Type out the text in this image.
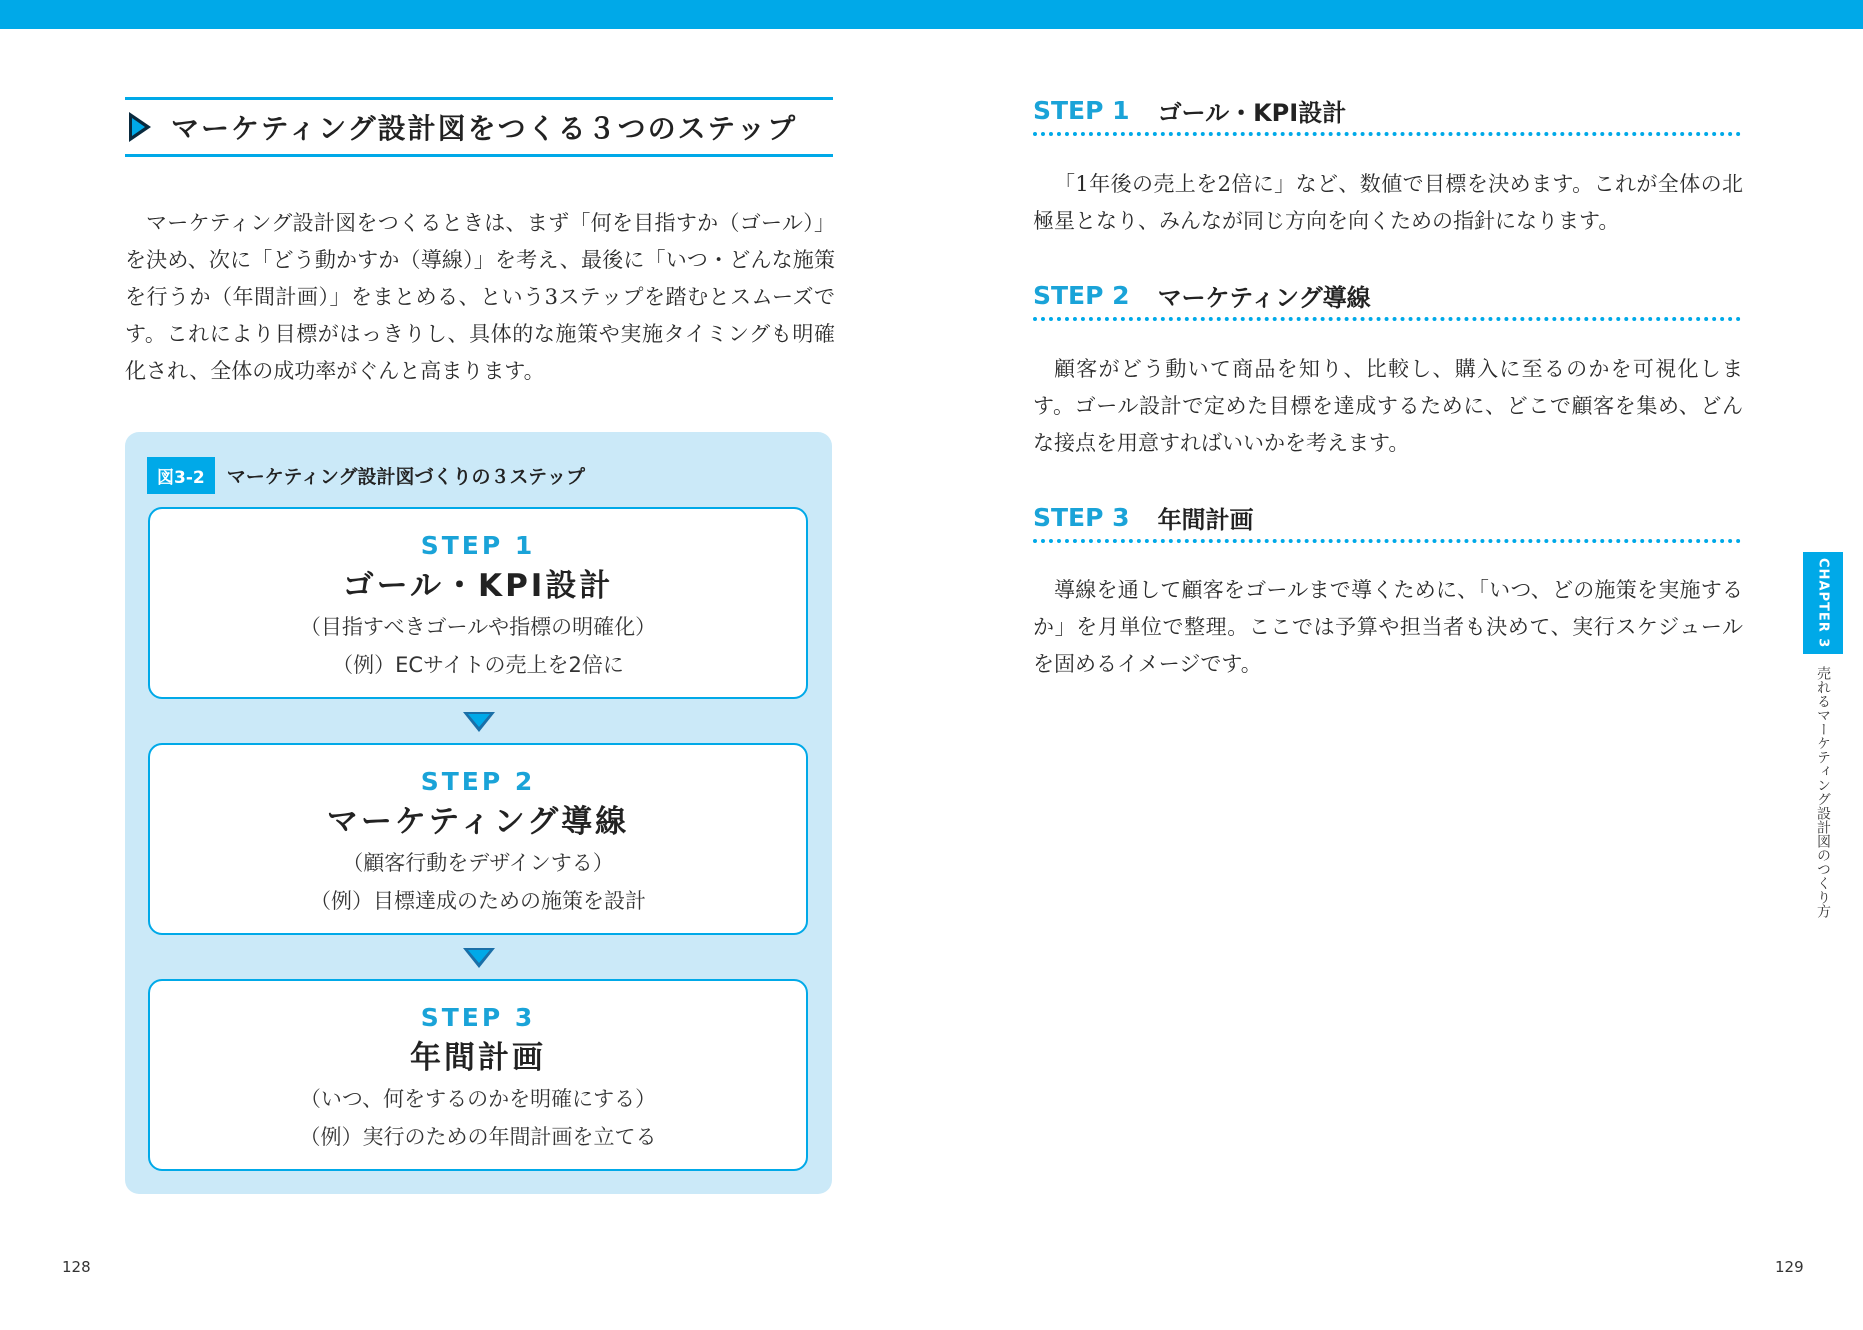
マーケティング設計図をつくる３つのステップ

マーケティング設計図をつくるときは、まず「何を目指すか（ゴール）」を決め、次に「どう動かすか（導線）」を考え、最後に「いつ・どんな施策を行うか（年間計画）」をまとめる、という3ステップを踏むとスムーズです。これにより目標がはっきりし、具体的な施策や実施タイミングも明確化され、全体の成功率がぐんと高まります。

図3-2	マーケティング設計図づくりの３ステップ
STEP 1
ゴール・KPI設計
（目指すべきゴールや指標の明確化）
（例）ECサイトの売上を2倍に
STEP 2
マーケティング導線
（顧客行動をデザインする）
（例）目標達成のための施策を設計
STEP 3
年間計画
（いつ、何をするのかを明確にする）
（例）実行のための年間計画を立てる
128
STEP 1 ゴール・KPI設計

「1年後の売上を2倍に」など、数値で目標を決めます。これが全体の北極星となり、みんなが同じ方向を向くための指針になります。

STEP 2 マーケティング導線

顧客がどう動いて商品を知り、比較し、購入に至るのかを可視化します。ゴール設計で定めた目標を達成するために、どこで顧客を集め、どんな接点を用意すればいいかを考えます。

STEP 3 年間計画

導線を通して顧客をゴールまで導くために、「いつ、どの施策を実施するか」を月単位で整理。ここでは予算や担当者も決めて、実行スケジュールを固めるイメージです。

CHAPTER 3
売れるマーケティング設計図のつくり方
129
